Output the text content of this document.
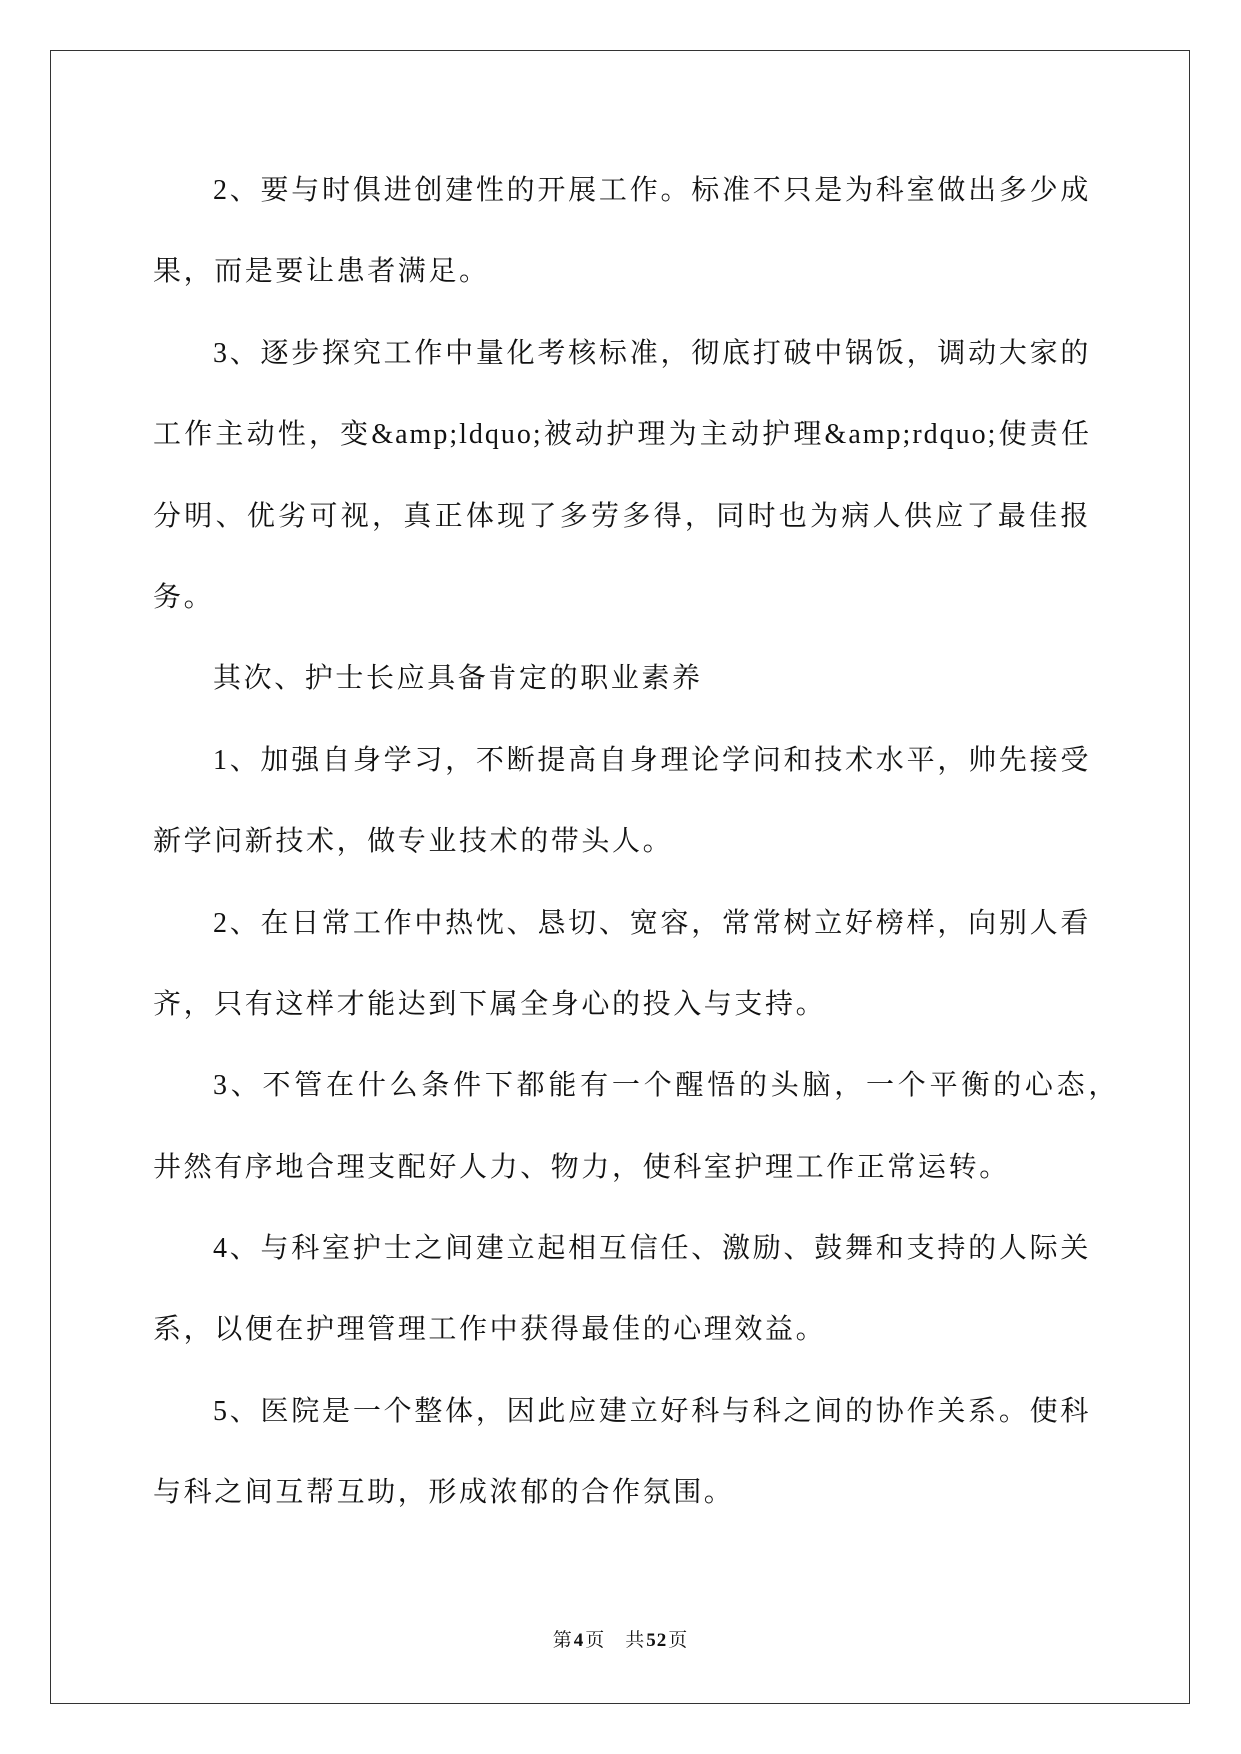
2、要与时俱进创建性的开展工作。标准不只是为科室做出多少成
果，而是要让患者满足。
3、逐步探究工作中量化考核标准，彻底打破中锅饭，调动大家的
工作主动性，变&amp;ldquo;被动护理为主动护理&amp;rdquo;使责任
分明、优劣可视，真正体现了多劳多得，同时也为病人供应了最佳报
务。
其次、护士长应具备肯定的职业素养
1、加强自身学习，不断提高自身理论学问和技术水平，帅先接受
新学问新技术，做专业技术的带头人。
2、在日常工作中热忱、恳切、宽容，常常树立好榜样，向别人看
齐，只有这样才能达到下属全身心的投入与支持。
3、不管在什么条件下都能有一个醒悟的头脑，一个平衡的心态，
井然有序地合理支配好人力、物力，使科室护理工作正常运转。
4、与科室护士之间建立起相互信任、激励、鼓舞和支持的人际关
系，以便在护理管理工作中获得最佳的心理效益。
5、医院是一个整体，因此应建立好科与科之间的协作关系。使科
与科之间互帮互助，形成浓郁的合作氛围。
第4页 共52页
